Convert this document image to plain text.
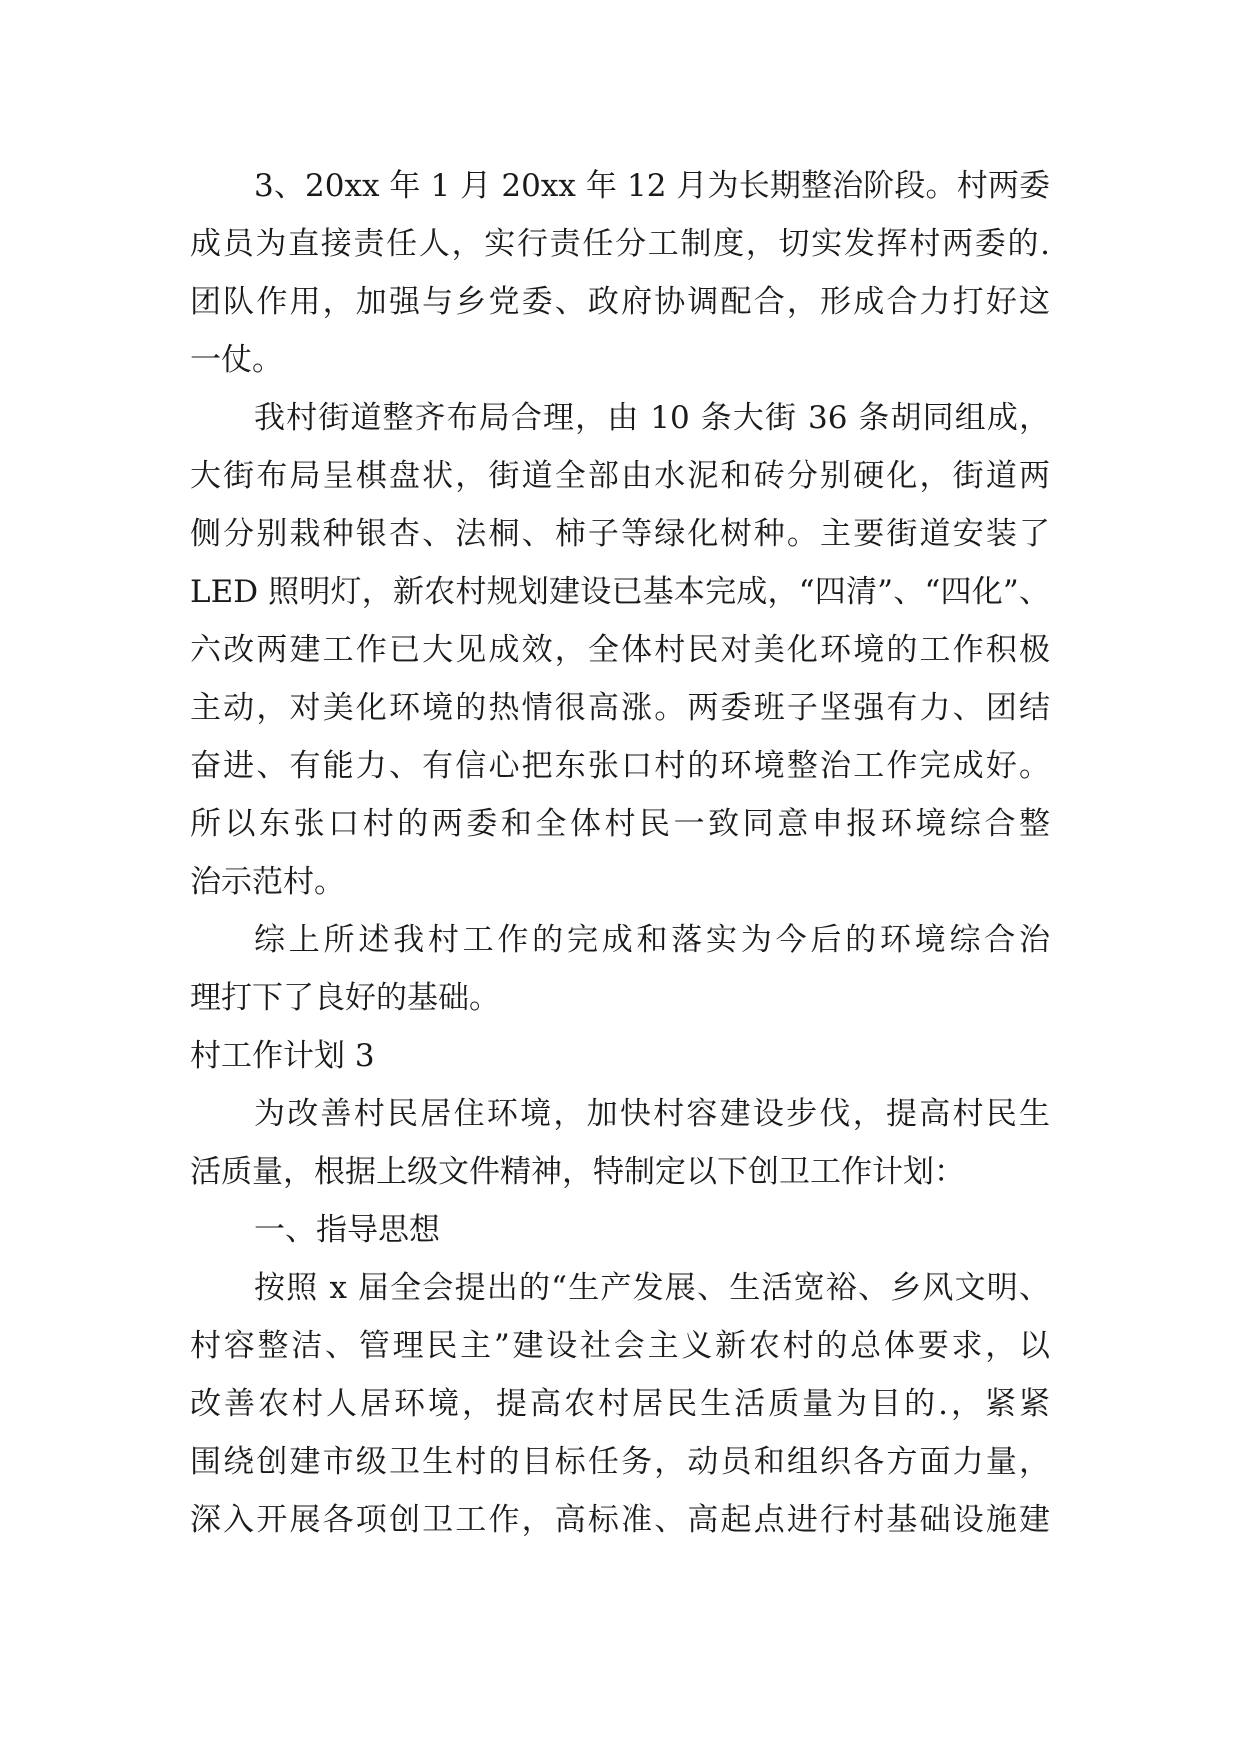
3、20xx 年 1 月 20xx 年 12 月为长期整治阶段。村两委
成员为直接责任人，实行责任分工制度，切实发挥村两委的.
团队作用，加强与乡党委、政府协调配合，形成合力打好这
一仗。
我村街道整齐布局合理，由 10 条大街 36 条胡同组成，
大街布局呈棋盘状，街道全部由水泥和砖分别硬化，街道两
侧分别栽种银杏、法桐、柿子等绿化树种。主要街道安装了
LED 照明灯，新农村规划建设已基本完成，“四清”、“四化”、
六改两建工作已大见成效，全体村民对美化环境的工作积极
主动，对美化环境的热情很高涨。两委班子坚强有力、团结
奋进、有能力、有信心把东张口村的环境整治工作完成好。
所以东张口村的两委和全体村民一致同意申报环境综合整
治示范村。
综上所述我村工作的完成和落实为今后的环境综合治
理打下了良好的基础。
村工作计划 3
为改善村民居住环境，加快村容建设步伐，提高村民生
活质量，根据上级文件精神，特制定以下创卫工作计划：
一、指导思想
按照 x 届全会提出的“生产发展、生活宽裕、乡风文明、
村容整洁、管理民主”建设社会主义新农村的总体要求，以
改善农村人居环境，提高农村居民生活质量为目的.，紧紧
围绕创建市级卫生村的目标任务，动员和组织各方面力量，
深入开展各项创卫工作，高标准、高起点进行村基础设施建
